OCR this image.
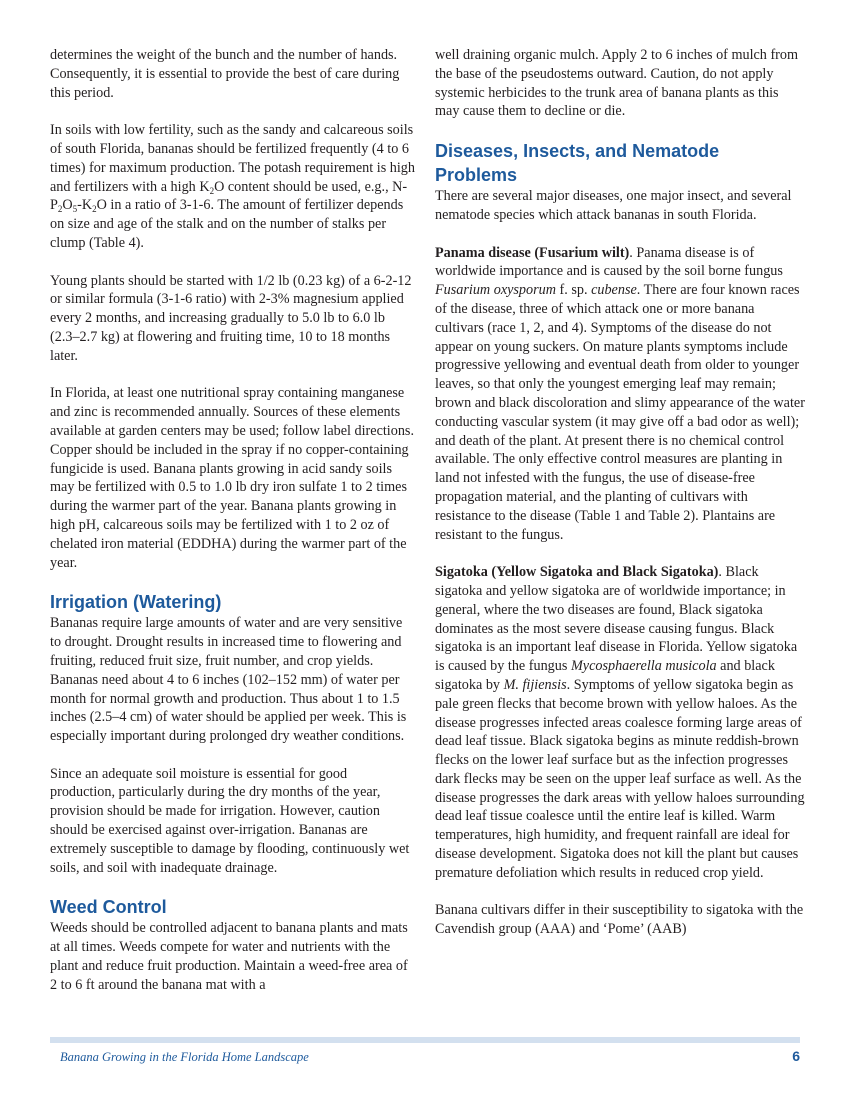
determines the weight of the bunch and the number of hands. Consequently, it is essential to provide the best of care during this period.

In soils with low fertility, such as the sandy and calcareous soils of south Florida, bananas should be fertilized frequently (4 to 6 times) for maximum production. The potash requirement is high and fertilizers with a high $K_2O$ content should be used, e.g., $N-P_2O_5-K_2O$ in a ratio of 3-1-6. The amount of fertilizer depends on size and age of the stalk and on the number of stalks per clump (Table 4).

Young plants should be started with 1/2 lb (0.23 kg) of a 6-2-12 or similar formula (3-1-6 ratio) with 2-3% magnesium applied every 2 months, and increasing gradually to 5.0 lb to 6.0 lb (2.3–2.7 kg) at flowering and fruiting time, 10 to 18 months later.

In Florida, at least one nutritional spray containing manganese and zinc is recommended annually. Sources of these elements available at garden centers may be used; follow label directions. Copper should be included in the spray if no copper-containing fungicide is used. Banana plants growing in acid sandy soils may be fertilized with 0.5 to 1.0 lb dry iron sulfate 1 to 2 times during the warmer part of the year. Banana plants growing in high pH, calcareous soils may be fertilized with 1 to 2 oz of chelated iron material (EDDHA) during the warmer part of the year.

Irrigation (Watering)

Bananas require large amounts of water and are very sensitive to drought. Drought results in increased time to flowering and fruiting, reduced fruit size, fruit number, and crop yields. Bananas need about 4 to 6 inches (102–152 mm) of water per month for normal growth and production. Thus about 1 to 1.5 inches (2.5–4 cm) of water should be applied per week. This is especially important during prolonged dry weather conditions.

Since an adequate soil moisture is essential for good production, particularly during the dry months of the year, provision should be made for irrigation. However, caution should be exercised against over-irrigation. Bananas are extremely susceptible to damage by flooding, continuously wet soils, and soil with inadequate drainage.

Weed Control

Weeds should be controlled adjacent to banana plants and mats at all times. Weeds compete for water and nutrients with the plant and reduce fruit production. Maintain a weed-free area of 2 to 6 ft around the banana mat with a

well draining organic mulch. Apply 2 to 6 inches of mulch from the base of the pseudostems outward. Caution, do not apply systemic herbicides to the trunk area of banana plants as this may cause them to decline or die.

Diseases, Insects, and Nematode Problems

There are several major diseases, one major insect, and several nematode species which attack bananas in south Florida.

Panama disease (Fusarium wilt). Panama disease is of worldwide importance and is caused by the soil borne fungus Fusarium oxysporum f. sp. cubense. There are four known races of the disease, three of which attack one or more banana cultivars (race 1, 2, and 4). Symptoms of the disease do not appear on young suckers. On mature plants symptoms include progressive yellowing and eventual death from older to younger leaves, so that only the youngest emerging leaf may remain; brown and black discoloration and slimy appearance of the water conducting vascular system (it may give off a bad odor as well); and death of the plant. At present there is no chemical control available. The only effective control measures are planting in land not infested with the fungus, the use of disease-free propagation material, and the planting of cultivars with resistance to the disease (Table 1 and Table 2). Plantains are resistant to the fungus.

Sigatoka (Yellow Sigatoka and Black Sigatoka). Black sigatoka and yellow sigatoka are of worldwide importance; in general, where the two diseases are found, Black sigatoka dominates as the most severe disease causing fungus. Black sigatoka is an important leaf disease in Florida. Yellow sigatoka is caused by the fungus Mycosphaerella musicola and black sigatoka by M. fijiensis. Symptoms of yellow sigatoka begin as pale green flecks that become brown with yellow haloes. As the disease progresses infected areas coalesce forming large areas of dead leaf tissue. Black sigatoka begins as minute reddish-brown flecks on the lower leaf surface but as the infection progresses dark flecks may be seen on the upper leaf surface as well. As the disease progresses the dark areas with yellow haloes surrounding dead leaf tissue coalesce until the entire leaf is killed. Warm temperatures, high humidity, and frequent rainfall are ideal for disease development. Sigatoka does not kill the plant but causes premature defoliation which results in reduced crop yield.

Banana cultivars differ in their susceptibility to sigatoka with the Cavendish group (AAA) and ‘Pome’ (AAB)

Banana Growing in the Florida Home Landscape	6
